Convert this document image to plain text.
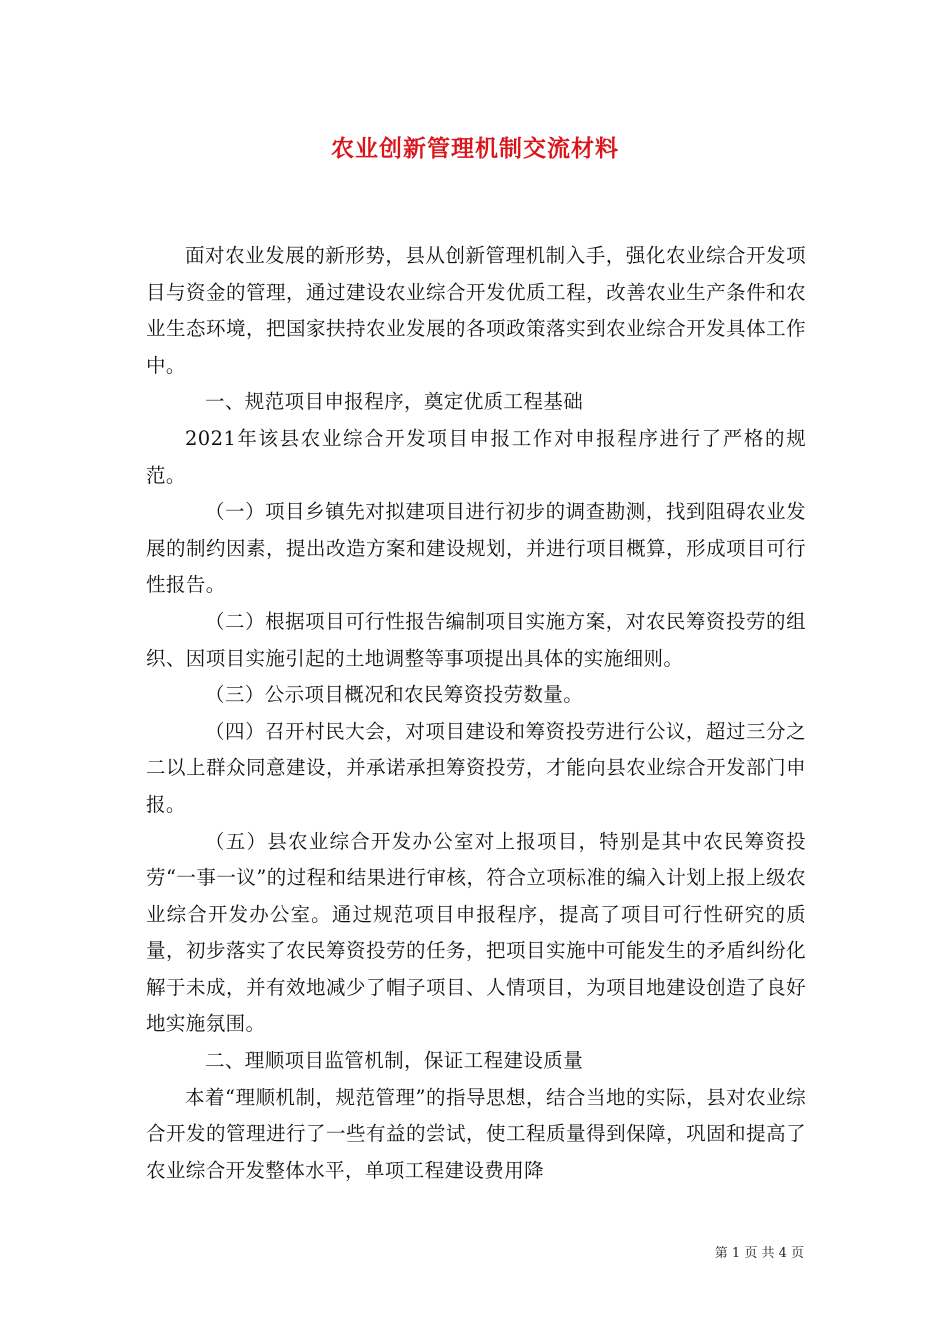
农业创新管理机制交流材料

面对农业发展的新形势，县从创新管理机制入手，强化农业综合开发项目与资金的管理，通过建设农业综合开发优质工程，改善农业生产条件和农业生态环境，把国家扶持农业发展的各项政策落实到农业综合开发具体工作中。

一、规范项目申报程序，奠定优质工程基础

2021年该县农业综合开发项目申报工作对申报程序进行了严格的规范。

（一）项目乡镇先对拟建项目进行初步的调查勘测，找到阻碍农业发展的制约因素，提出改造方案和建设规划，并进行项目概算，形成项目可行性报告。

（二）根据项目可行性报告编制项目实施方案，对农民筹资投劳的组织、因项目实施引起的土地调整等事项提出具体的实施细则。

（三）公示项目概况和农民筹资投劳数量。

（四）召开村民大会，对项目建设和筹资投劳进行公议，超过三分之二以上群众同意建设，并承诺承担筹资投劳，才能向县农业综合开发部门申报。

（五）县农业综合开发办公室对上报项目，特别是其中农民筹资投劳“一事一议”的过程和结果进行审核，符合立项标准的编入计划上报上级农业综合开发办公室。通过规范项目申报程序，提高了项目可行性研究的质量，初步落实了农民筹资投劳的任务，把项目实施中可能发生的矛盾纠纷化解于未成，并有效地减少了帽子项目、人情项目，为项目地建设创造了良好地实施氛围。

二、理顺项目监管机制，保证工程建设质量

本着“理顺机制，规范管理”的指导思想，结合当地的实际，县对农业综合开发的管理进行了一些有益的尝试，使工程质量得到保障，巩固和提高了农业综合开发整体水平，单项工程建设费用降

第 1 页 共 4 页
